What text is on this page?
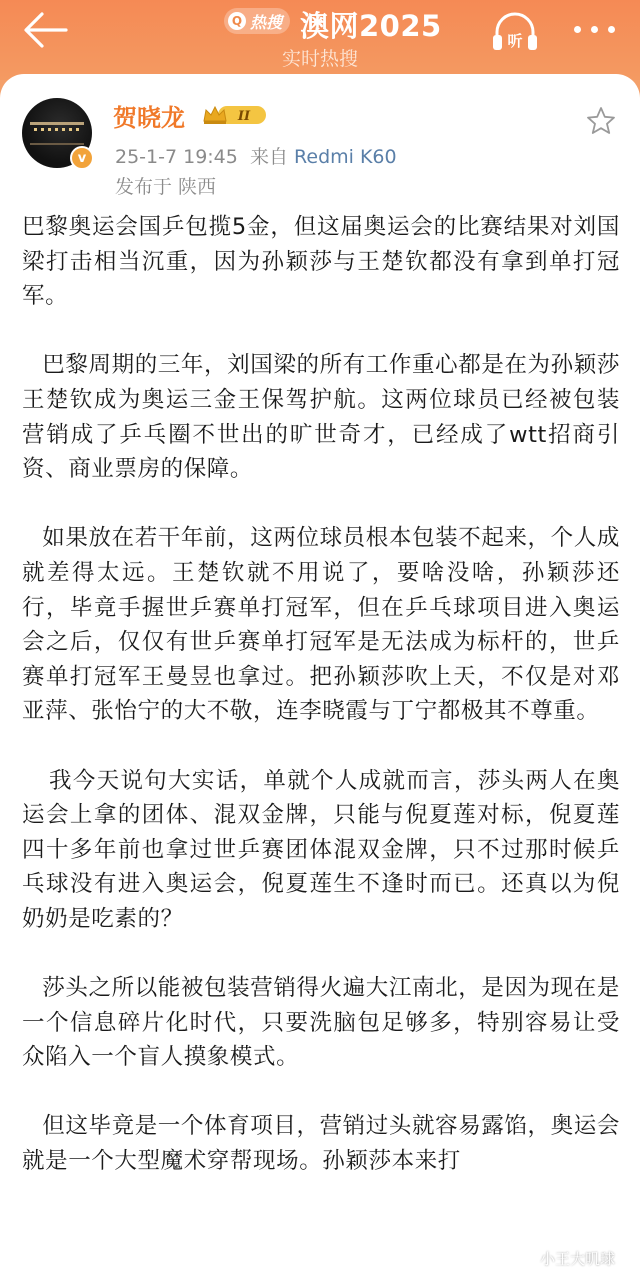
Q 热搜 澳网2025
实时热搜
听
v
贺晓龙	II
25-1-7 19:45 来自 Redmi K60
发布于 陕西

巴黎奥运会国乒包揽5金，但这届奥运会的比赛结果对刘国梁打击相当沉重，因为孙颖莎与王楚钦都没有拿到单打冠军。

巴黎周期的三年，刘国梁的所有工作重心都是在为孙颖莎王楚钦成为奥运三金王保驾护航。这两位球员已经被包装营销成了乒乓圈不世出的旷世奇才，已经成了wtt招商引资、商业票房的保障。

如果放在若干年前，这两位球员根本包装不起来，个人成就差得太远。王楚钦就不用说了，要啥没啥，孙颖莎还行，毕竟手握世乒赛单打冠军，但在乒乓球项目进入奥运会之后，仅仅有世乒赛单打冠军是无法成为标杆的，世乒赛单打冠军王曼昱也拿过。把孙颖莎吹上天，不仅是对邓亚萍、张怡宁的大不敬，连李晓霞与丁宁都极其不尊重。

我今天说句大实话，单就个人成就而言，莎头两人在奥运会上拿的团体、混双金牌，只能与倪夏莲对标，倪夏莲四十多年前也拿过世乒赛团体混双金牌，只不过那时候乒乓球没有进入奥运会，倪夏莲生不逢时而已。还真以为倪奶奶是吃素的？

莎头之所以能被包装营销得火遍大江南北，是因为现在是一个信息碎片化时代，只要洗脑包足够多，特别容易让受众陷入一个盲人摸象模式。

但这毕竟是一个体育项目，营销过头就容易露馅，奥运会就是一个大型魔术穿帮现场。孙颖莎本来打

小王大叽球
